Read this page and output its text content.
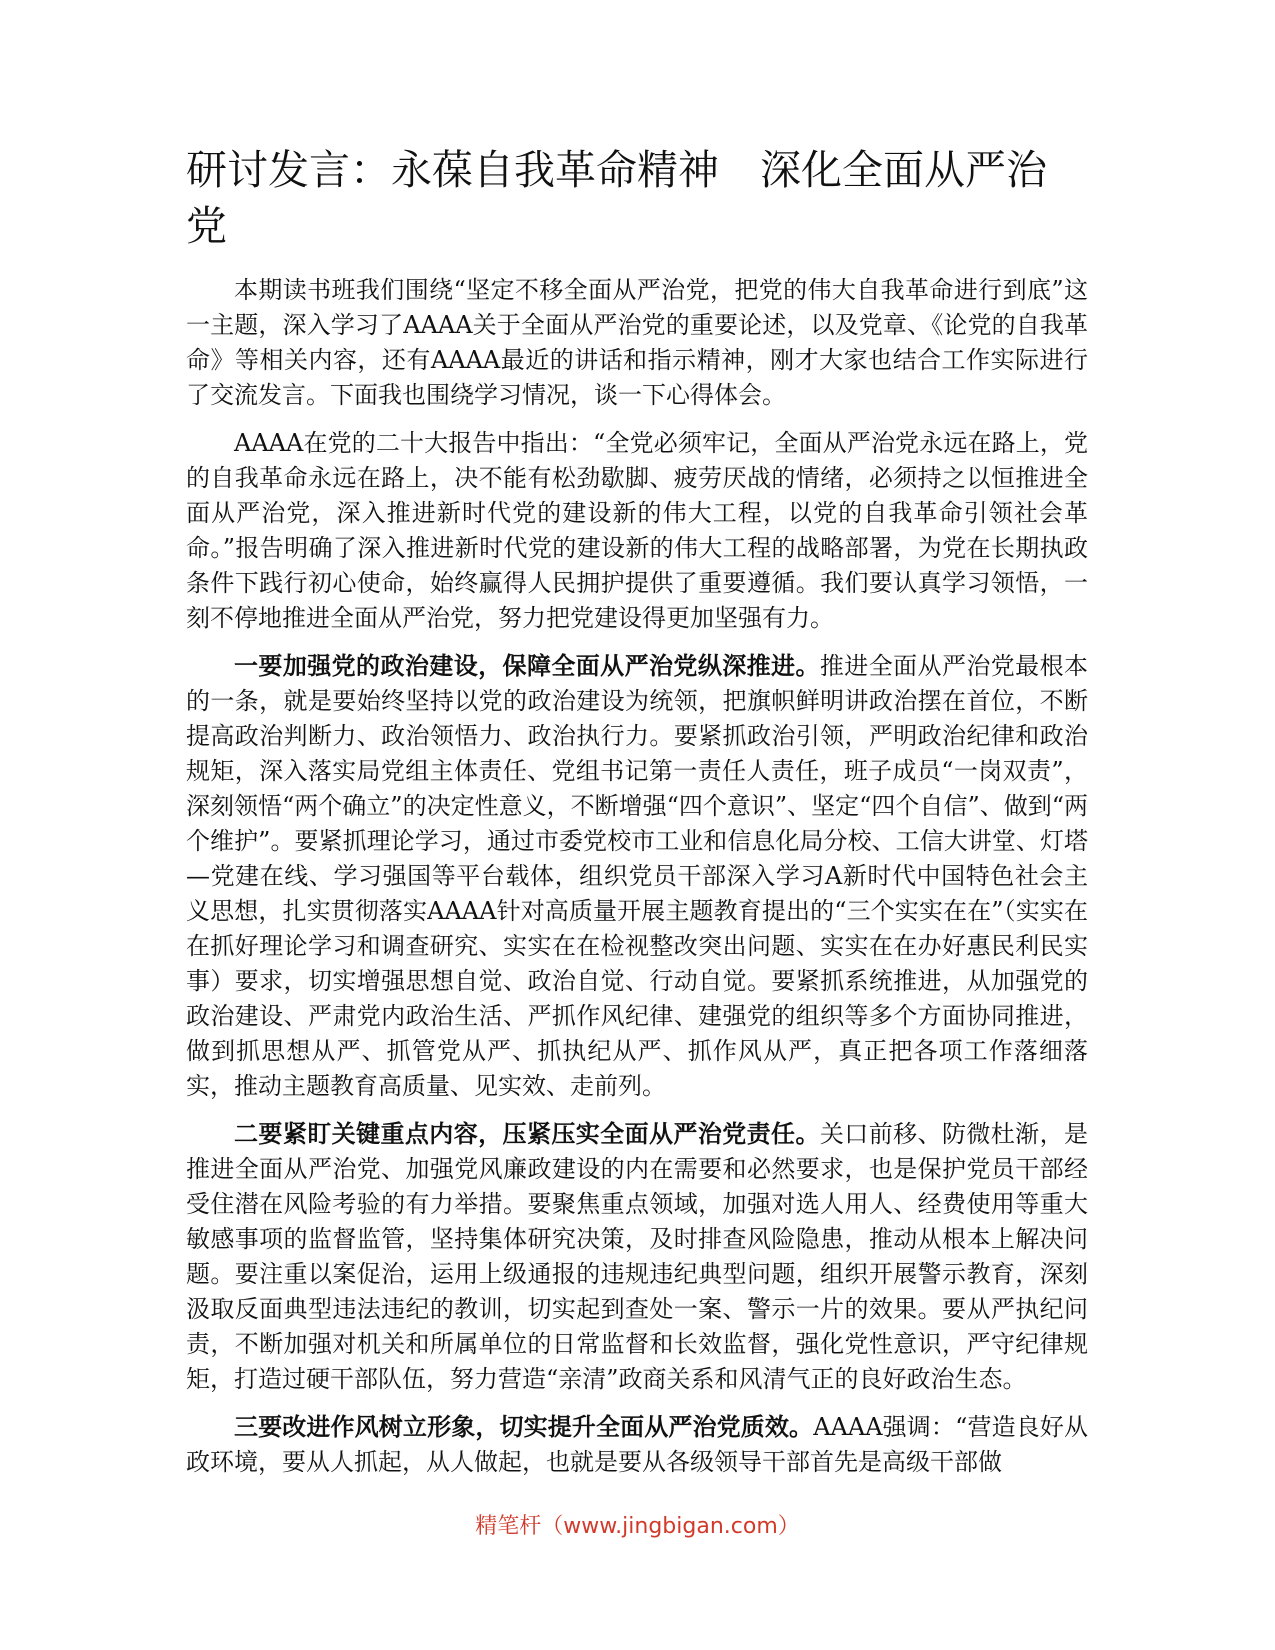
研讨发言：永葆自我革命精神　深化全面从严治党

本期读书班我们围绕“坚定不移全面从严治党，把党的伟大自我革命进行到底”这一主题，深入学习了AAAA关于全面从严治党的重要论述，以及党章、《论党的自我革命》等相关内容，还有AAAA最近的讲话和指示精神，刚才大家也结合工作实际进行了交流发言。下面我也围绕学习情况，谈一下心得体会。

AAAA在党的二十大报告中指出：“全党必须牢记，全面从严治党永远在路上，党的自我革命永远在路上，决不能有松劲歇脚、疲劳厌战的情绪，必须持之以恒推进全面从严治党，深入推进新时代党的建设新的伟大工程，以党的自我革命引领社会革命。”报告明确了深入推进新时代党的建设新的伟大工程的战略部署，为党在长期执政条件下践行初心使命，始终赢得人民拥护提供了重要遵循。我们要认真学习领悟，一刻不停地推进全面从严治党，努力把党建设得更加坚强有力。

一要加强党的政治建设，保障全面从严治党纵深推进。推进全面从严治党最根本的一条，就是要始终坚持以党的政治建设为统领，把旗帜鲜明讲政治摆在首位，不断提高政治判断力、政治领悟力、政治执行力。要紧抓政治引领，严明政治纪律和政治规矩，深入落实局党组主体责任、党组书记第一责任人责任，班子成员“一岗双责”，深刻领悟“两个确立”的决定性意义，不断增强“四个意识”、坚定“四个自信”、做到“两个维护”。要紧抓理论学习，通过市委党校市工业和信息化局分校、工信大讲堂、灯塔—党建在线、学习强国等平台载体，组织党员干部深入学习A新时代中国特色社会主义思想，扎实贯彻落实AAAA针对高质量开展主题教育提出的“三个实实在在”（实实在在抓好理论学习和调查研究、实实在在检视整改突出问题、实实在在办好惠民利民实事）要求，切实增强思想自觉、政治自觉、行动自觉。要紧抓系统推进，从加强党的政治建设、严肃党内政治生活、严抓作风纪律、建强党的组织等多个方面协同推进，做到抓思想从严、抓管党从严、抓执纪从严、抓作风从严，真正把各项工作落细落实，推动主题教育高质量、见实效、走前列。

二要紧盯关键重点内容，压紧压实全面从严治党责任。关口前移、防微杜渐，是推进全面从严治党、加强党风廉政建设的内在需要和必然要求，也是保护党员干部经受住潜在风险考验的有力举措。要聚焦重点领域，加强对选人用人、经费使用等重大敏感事项的监督监管，坚持集体研究决策，及时排查风险隐患，推动从根本上解决问题。要注重以案促治，运用上级通报的违规违纪典型问题，组织开展警示教育，深刻汲取反面典型违法违纪的教训，切实起到查处一案、警示一片的效果。要从严执纪问责，不断加强对机关和所属单位的日常监督和长效监督，强化党性意识，严守纪律规矩，打造过硬干部队伍，努力营造“亲清”政商关系和风清气正的良好政治生态。

三要改进作风树立形象，切实提升全面从严治党质效。AAAA强调：“营造良好从政环境，要从人抓起，从人做起，也就是要从各级领导干部首先是高级干部做

精笔杆（www.jingbigan.com）
